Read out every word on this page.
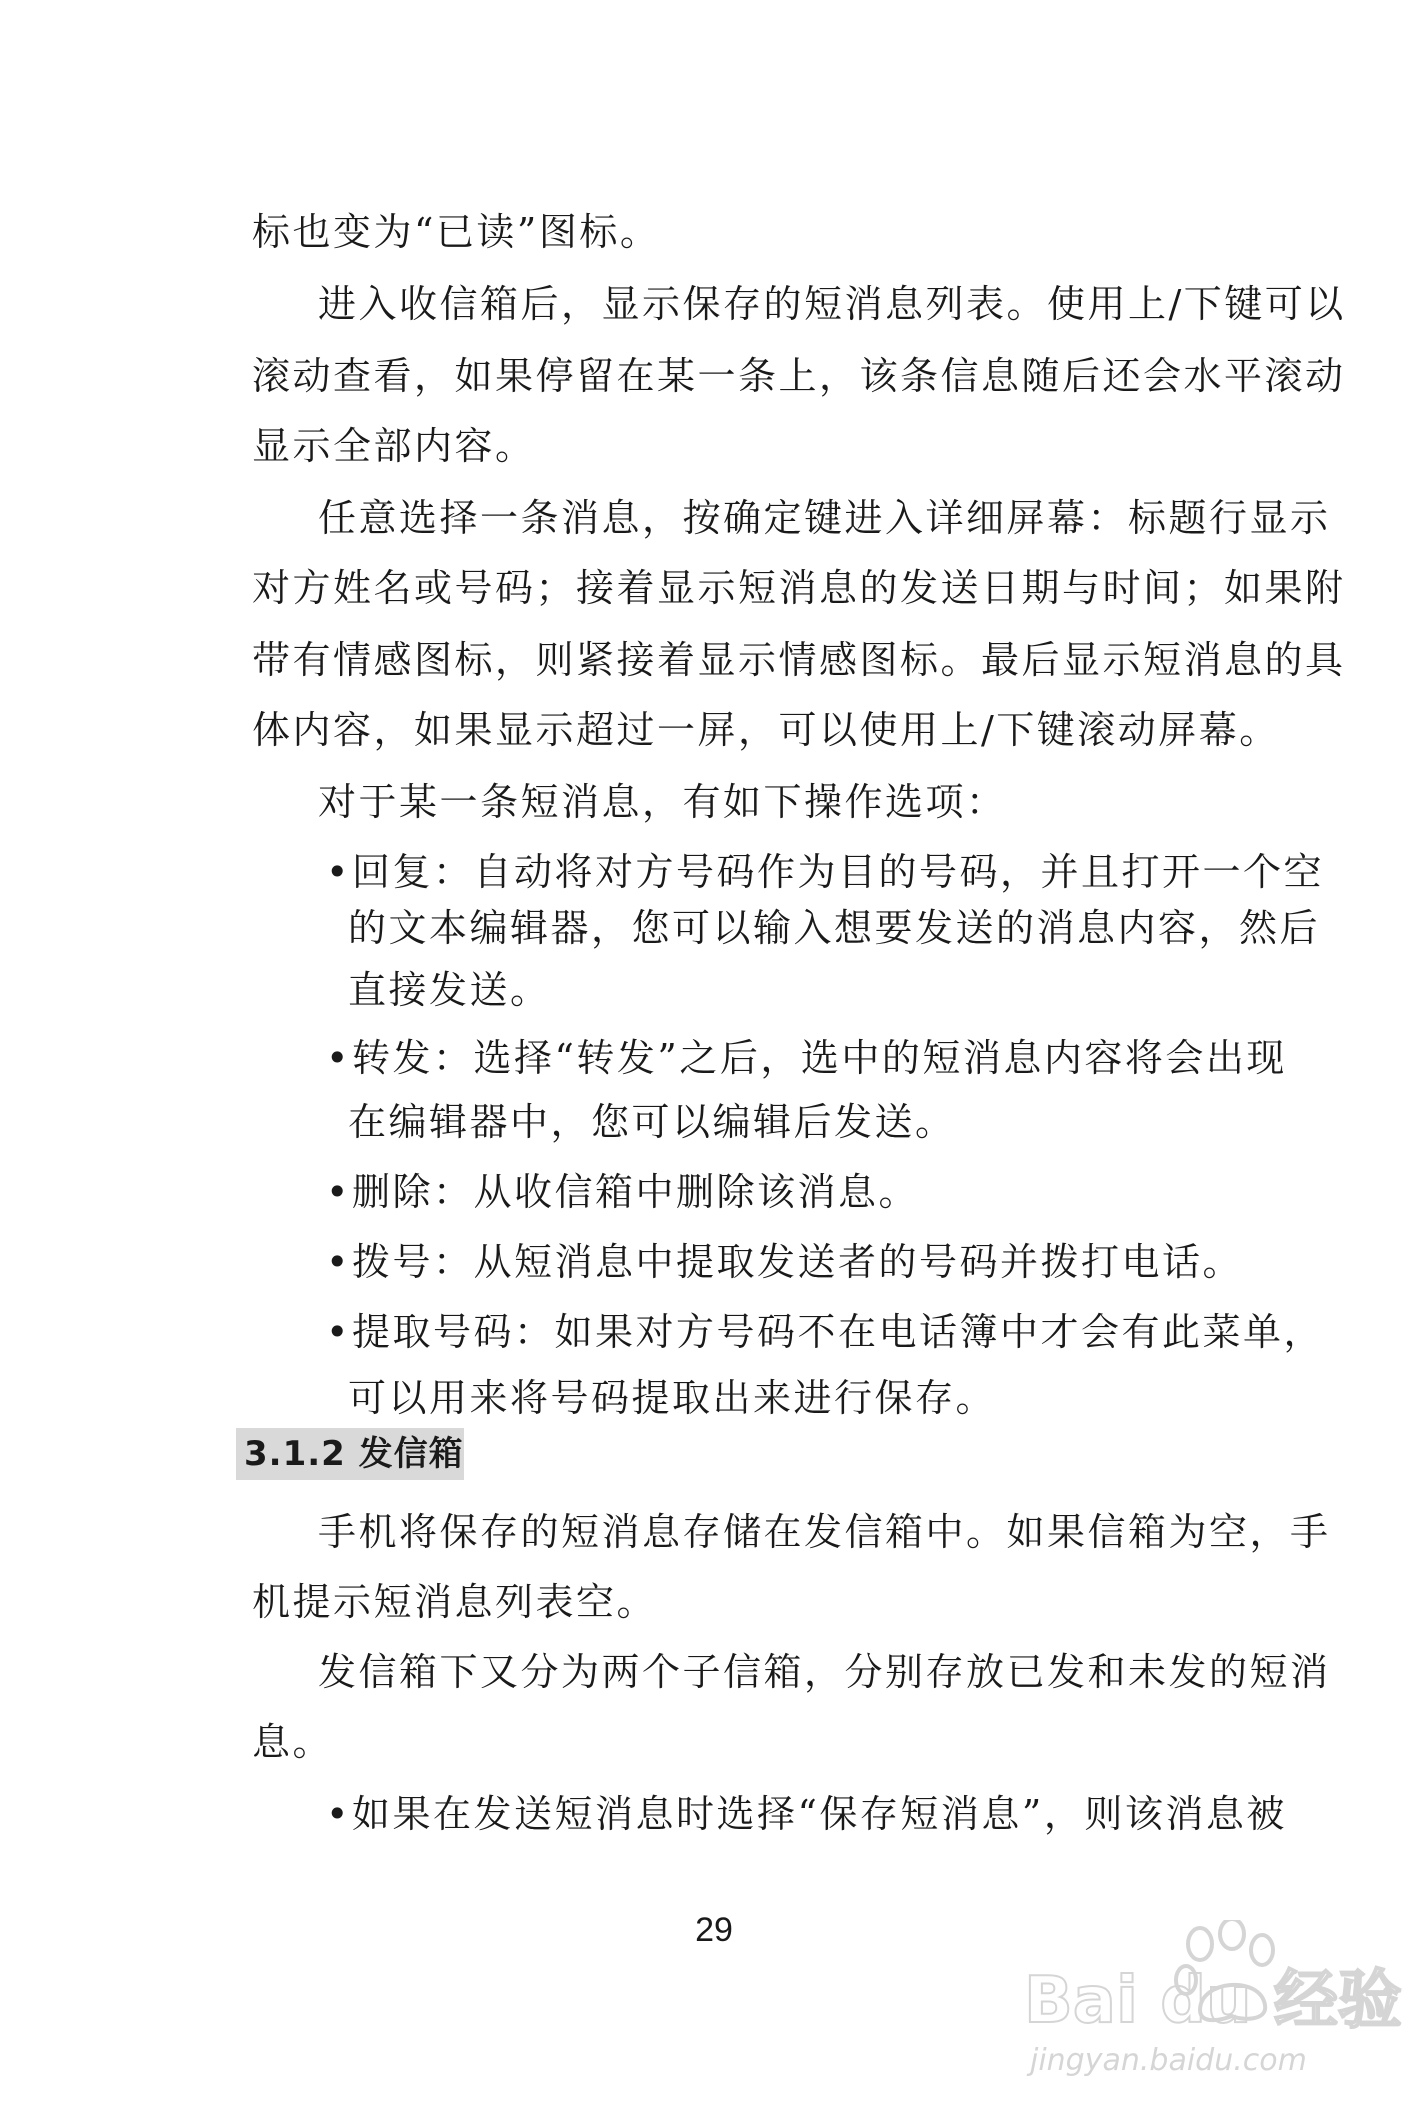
标也变为“已读”图标。
进入收信箱后，显示保存的短消息列表。使用上/下键可以
滚动查看，如果停留在某一条上，该条信息随后还会水平滚动
显示全部内容。
任意选择一条消息，按确定键进入详细屏幕：标题行显示
对方姓名或号码；接着显示短消息的发送日期与时间；如果附
带有情感图标，则紧接着显示情感图标。最后显示短消息的具
体内容，如果显示超过一屏，可以使用上/下键滚动屏幕。
对于某一条短消息，有如下操作选项：
• 回复：自动将对方号码作为目的号码，并且打开一个空
的文本编辑器，您可以输入想要发送的消息内容，然后
直接发送。
• 转发：选择“转发”之后，选中的短消息内容将会出现
在编辑器中，您可以编辑后发送。
• 删除：从收信箱中删除该消息。
• 拨号：从短消息中提取发送者的号码并拨打电话。
• 提取号码：如果对方号码不在电话簿中才会有此菜单，
可以用来将号码提取出来进行保存。
3.1.2 发信箱
手机将保存的短消息存储在发信箱中。如果信箱为空，手
机提示短消息列表空。
发信箱下又分为两个子信箱，分别存放已发和未发的短消
息。
• 如果在发送短消息时选择“保存短消息”，则该消息被
29
Bai du 经验
jingyan.baidu.com
